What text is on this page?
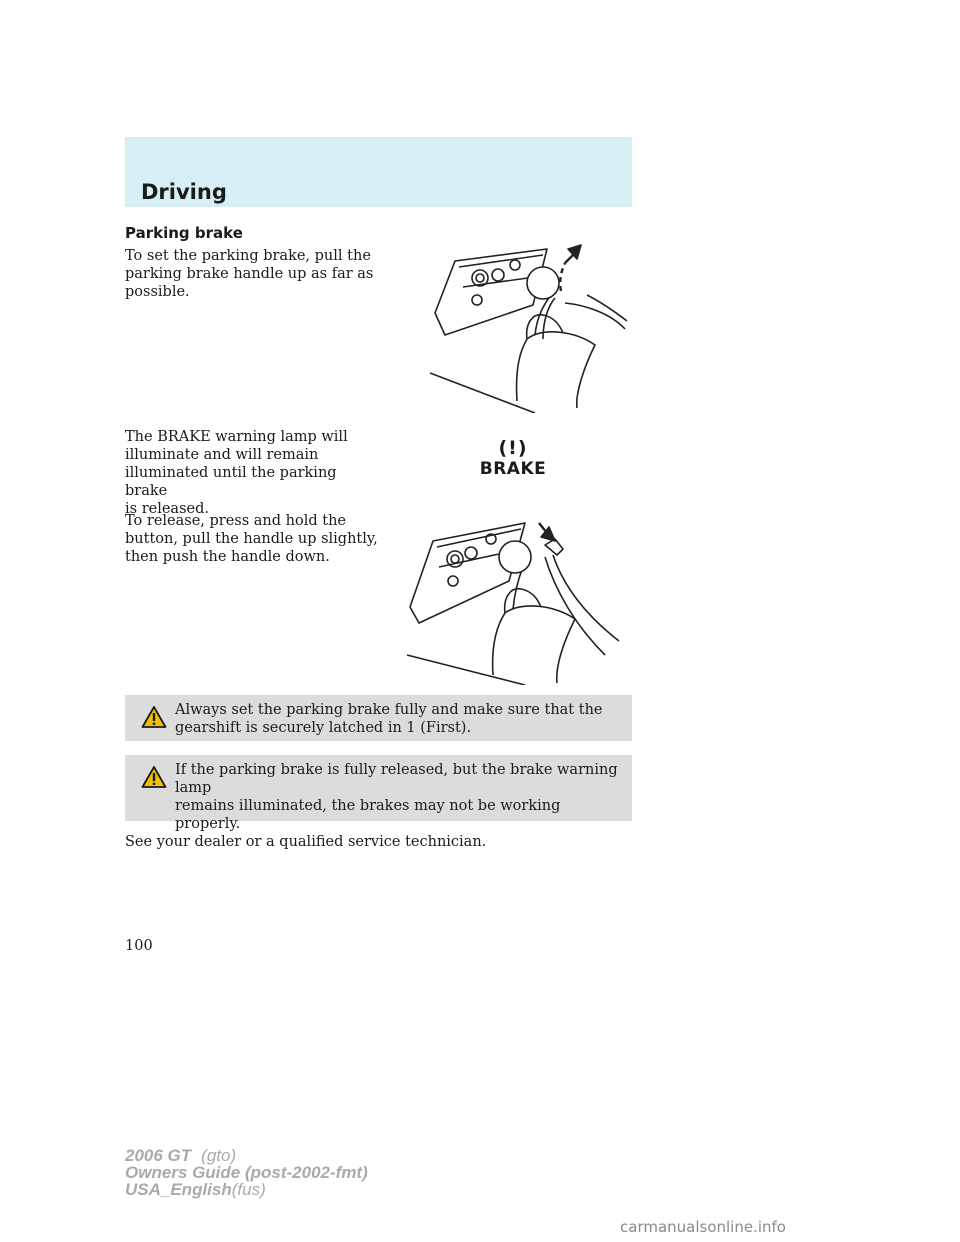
Driving
Parking brake

To set the parking brake, pull the
parking brake handle up as far as
possible.

The BRAKE warning lamp will
illuminate and will remain
illuminated until the parking brake
is released.

(!)
BRAKE

To release, press and hold the
button, pull the handle up slightly,
then push the handle down.

Always set the parking brake fully and make sure that the

gearshift is securely latched in 1 (First).

If the parking brake is fully released, but the brake warning lamp

remains illuminated, the brakes may not be working properly.

See your dealer or a qualified service technician.

100

2006 GT (gto)
Owners Guide (post-2002-fmt)
USA_English(fus)
carmanualsonline.info
